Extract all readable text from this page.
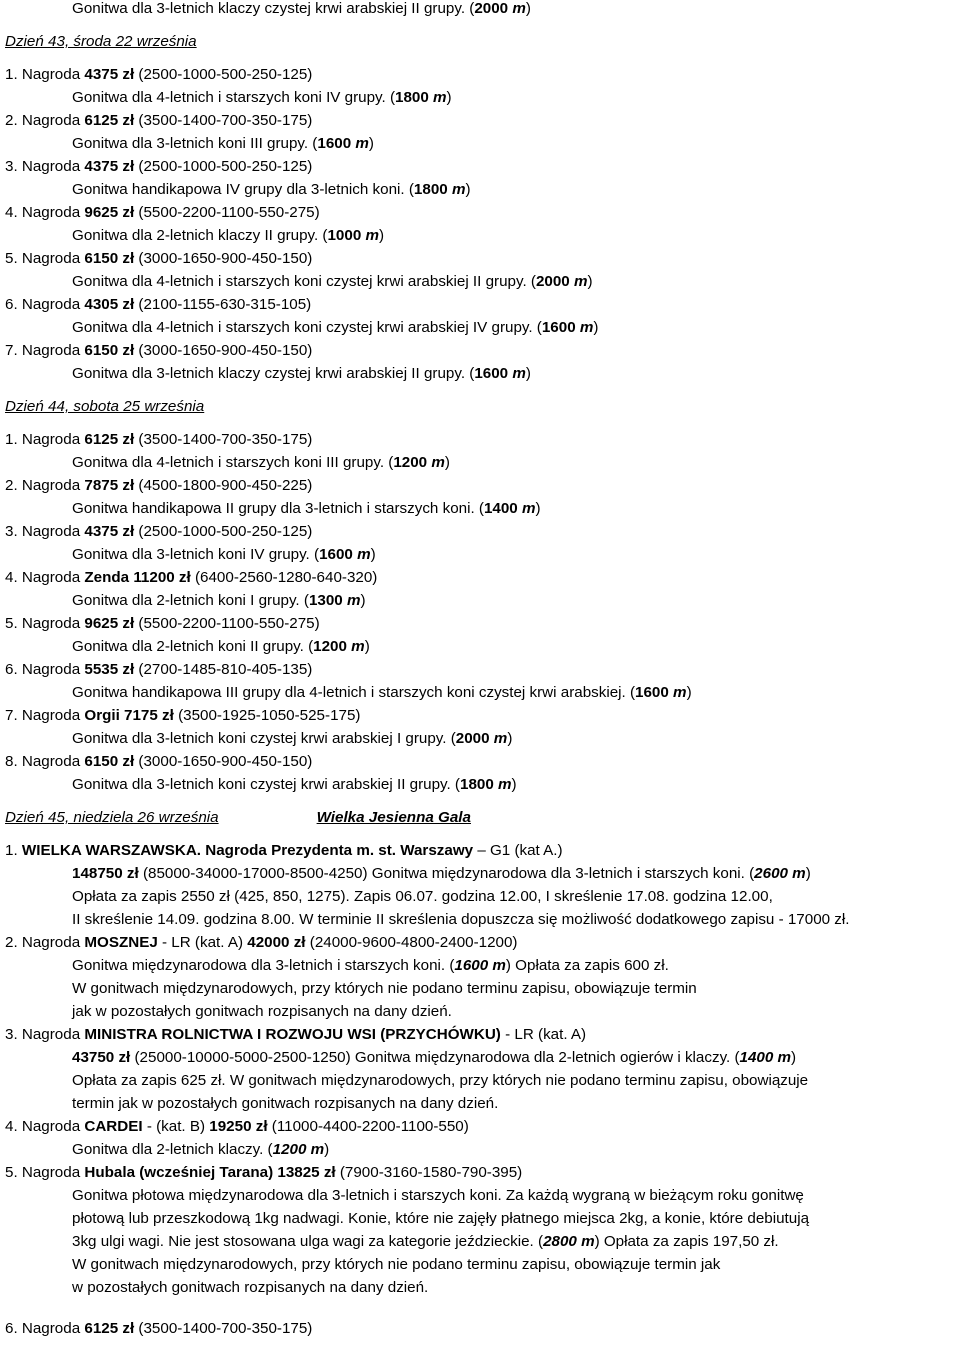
Gonitwa dla 3-letnich klaczy czystej krwi arabskiej II grupy. (2000 m)
Dzień 43, środa 22 września
1. Nagroda 4375 zł (2500-1000-500-250-125)
Gonitwa dla 4-letnich i starszych koni IV grupy. (1800 m)
2. Nagroda 6125 zł (3500-1400-700-350-175)
Gonitwa dla 3-letnich koni III grupy. (1600 m)
3. Nagroda 4375 zł (2500-1000-500-250-125)
Gonitwa handikapowa IV grupy dla 3-letnich koni. (1800 m)
4. Nagroda 9625 zł (5500-2200-1100-550-275)
Gonitwa dla 2-letnich klaczy II grupy. (1000 m)
5. Nagroda 6150 zł (3000-1650-900-450-150)
Gonitwa dla 4-letnich i starszych koni czystej krwi arabskiej II grupy. (2000 m)
6. Nagroda 4305 zł (2100-1155-630-315-105)
Gonitwa dla 4-letnich i starszych koni czystej krwi arabskiej IV grupy. (1600 m)
7. Nagroda 6150 zł (3000-1650-900-450-150)
Gonitwa dla 3-letnich klaczy czystej krwi arabskiej II grupy. (1600 m)
Dzień 44, sobota 25 września
1. Nagroda 6125 zł (3500-1400-700-350-175)
Gonitwa dla 4-letnich i starszych koni III grupy. (1200 m)
2. Nagroda 7875 zł (4500-1800-900-450-225)
Gonitwa handikapowa II grupy dla 3-letnich i starszych koni. (1400 m)
3. Nagroda 4375 zł (2500-1000-500-250-125)
Gonitwa dla 3-letnich koni IV grupy. (1600 m)
4. Nagroda Zenda 11200 zł (6400-2560-1280-640-320)
Gonitwa dla 2-letnich koni I grupy. (1300 m)
5. Nagroda 9625 zł (5500-2200-1100-550-275)
Gonitwa dla 2-letnich koni II grupy. (1200 m)
6. Nagroda 5535 zł (2700-1485-810-405-135)
Gonitwa handikapowa III grupy dla 4-letnich i starszych koni czystej krwi arabskiej. (1600 m)
7. Nagroda Orgii 7175 zł (3500-1925-1050-525-175)
Gonitwa dla 3-letnich koni czystej krwi arabskiej I grupy. (2000 m)
8. Nagroda 6150 zł (3000-1650-900-450-150)
Gonitwa dla 3-letnich koni czystej krwi arabskiej II grupy. (1800 m)
Dzień 45, niedziela 26 września	Wielka Jesienna Gala
1. WIELKA WARSZAWSKA. Nagroda Prezydenta m. st. Warszawy – G1 (kat A.)
148750 zł (85000-34000-17000-8500-4250) Gonitwa międzynarodowa dla 3-letnich i starszych koni. (2600 m)
Opłata za zapis 2550 zł (425, 850, 1275). Zapis 06.07. godzina 12.00, I skreślenie 17.08. godzina 12.00,
II skreślenie 14.09. godzina 8.00. W terminie II skreślenia dopuszcza się możliwość dodatkowego zapisu - 17000 zł.
2. Nagroda MOSZNEJ - LR (kat. A) 42000 zł (24000-9600-4800-2400-1200)
Gonitwa międzynarodowa dla 3-letnich i starszych koni. (1600 m) Opłata za zapis 600 zł.
W gonitwach międzynarodowych, przy których nie podano terminu zapisu, obowiązuje termin
jak w pozostałych gonitwach rozpisanych na dany dzień.
3. Nagroda MINISTRA ROLNICTWA I ROZWOJU WSI (PRZYCHÓWKU) - LR (kat. A)
43750 zł (25000-10000-5000-2500-1250) Gonitwa międzynarodowa dla 2-letnich ogierów i klaczy. (1400 m)
Opłata za zapis 625 zł. W gonitwach międzynarodowych, przy których nie podano terminu zapisu, obowiązuje
termin jak w pozostałych gonitwach rozpisanych na dany dzień.
4. Nagroda CARDEI - (kat. B) 19250 zł (11000-4400-2200-1100-550)
Gonitwa dla 2-letnich klaczy. (1200 m)
5. Nagroda Hubala (wcześniej Tarana) 13825 zł (7900-3160-1580-790-395)
Gonitwa płotowa międzynarodowa dla 3-letnich i starszych koni. Za każdą wygraną w bieżącym roku gonitwę
płotową lub przeszkodową 1kg nadwagi. Konie, które nie zajęły płatnego miejsca 2kg, a konie, które debiutują
3kg ulgi wagi. Nie jest stosowana ulga wagi za kategorie jeździeckie. (2800 m) Opłata za zapis 197,50 zł.
W gonitwach międzynarodowych, przy których nie podano terminu zapisu, obowiązuje termin jak
w pozostałych gonitwach rozpisanych na dany dzień.
6. Nagroda 6125 zł (3500-1400-700-350-175)
